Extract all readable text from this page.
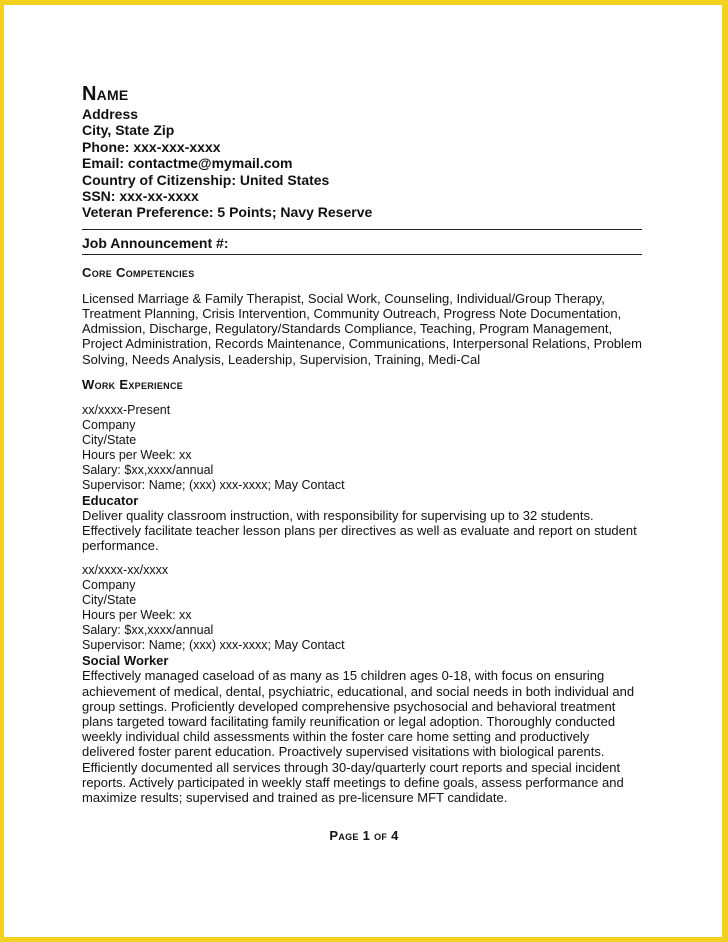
Name

Address

City, State Zip

Phone: xxx-xxx-xxxx

Email: contactme@mymail.com

Country of Citizenship: United States

SSN: xxx-xx-xxxx

Veteran Preference: 5 Points; Navy Reserve

Job Announcement #:

Core Competencies

Licensed Marriage & Family Therapist, Social Work, Counseling, Individual/Group Therapy, Treatment Planning, Crisis Intervention, Community Outreach, Progress Note Documentation, Admission, Discharge, Regulatory/Standards Compliance, Teaching, Program Management, Project Administration, Records Maintenance, Communications, Interpersonal Relations, Problem Solving, Needs Analysis, Leadership, Supervision, Training, Medi-Cal

Work Experience

xx/xxxx-Present

Company

City/State

Hours per Week: xx

Salary: $xx,xxxx/annual

Supervisor: Name; (xxx) xxx-xxxx; May Contact

Educator

Deliver quality classroom instruction, with responsibility for supervising up to 32 students. Effectively facilitate teacher lesson plans per directives as well as evaluate and report on student performance.

xx/xxxx-xx/xxxx

Company

City/State

Hours per Week: xx

Salary: $xx,xxxx/annual

Supervisor: Name; (xxx) xxx-xxxx; May Contact

Social Worker

Effectively managed caseload of as many as 15 children ages 0-18, with focus on ensuring achievement of medical, dental, psychiatric, educational, and social needs in both individual and group settings. Proficiently developed comprehensive psychosocial and behavioral treatment plans targeted toward facilitating family reunification or legal adoption. Thoroughly conducted weekly individual child assessments within the foster care home setting and productively delivered foster parent education. Proactively supervised visitations with biological parents. Efficiently documented all services through 30-day/quarterly court reports and special incident reports. Actively participated in weekly staff meetings to define goals, assess performance and maximize results; supervised and trained as pre-licensure MFT candidate.

Page 1 of 4
